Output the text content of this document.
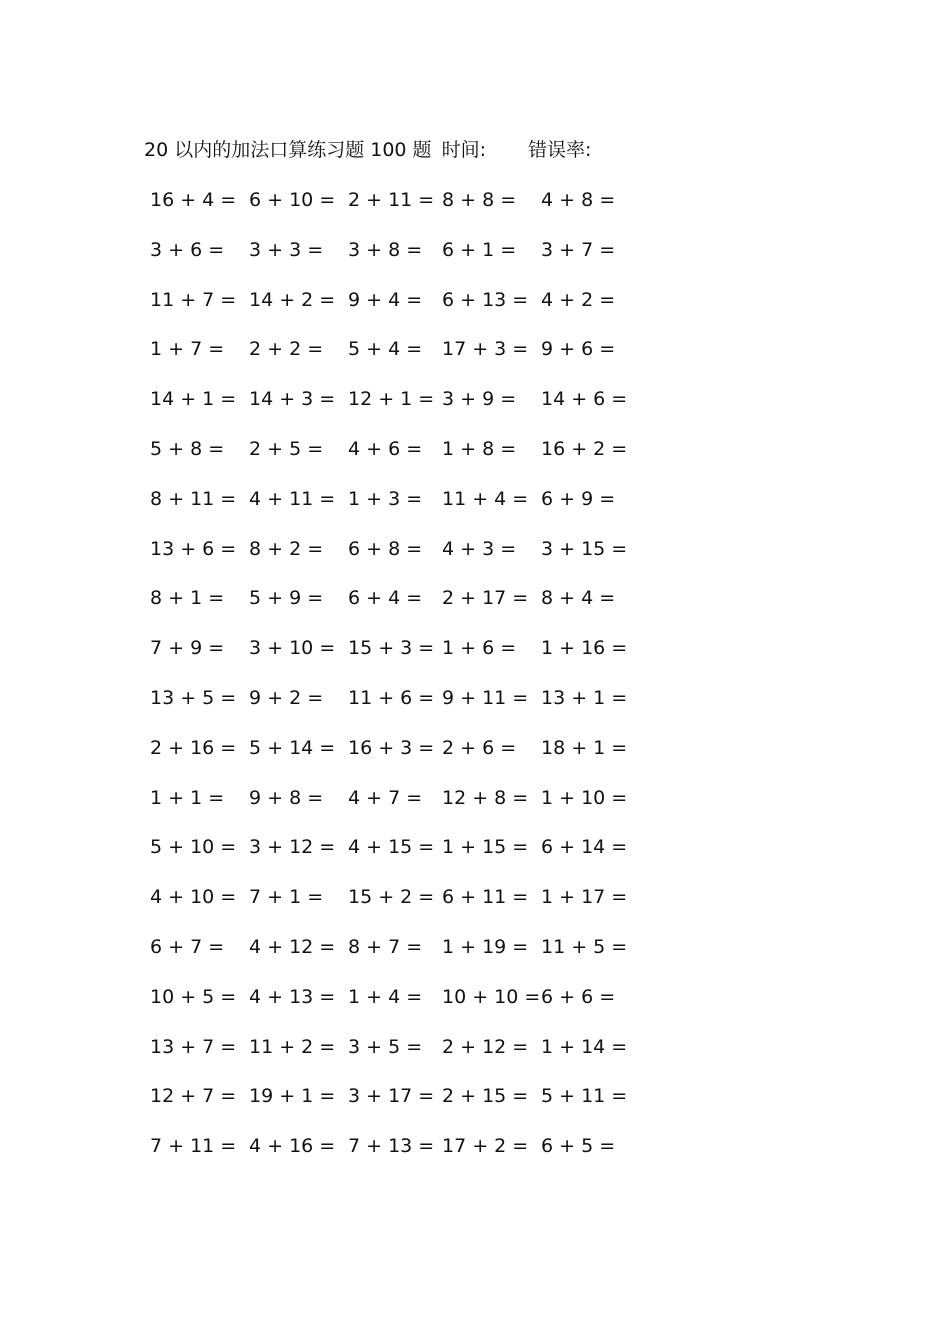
20 以内的加法口算练习题 100 题 时间: 错误率:
16 + 4 = 6 + 10 = 2 + 11 = 8 + 8 = 4 + 8 =
3 + 6 = 3 + 3 = 3 + 8 = 6 + 1 = 3 + 7 =
11 + 7 = 14 + 2 = 9 + 4 = 6 + 13 = 4 + 2 =
1 + 7 = 2 + 2 = 5 + 4 = 17 + 3 = 9 + 6 =
14 + 1 = 14 + 3 = 12 + 1 = 3 + 9 = 14 + 6 =
5 + 8 = 2 + 5 = 4 + 6 = 1 + 8 = 16 + 2 =
8 + 11 = 4 + 11 = 1 + 3 = 11 + 4 = 6 + 9 =
13 + 6 = 8 + 2 = 6 + 8 = 4 + 3 = 3 + 15 =
8 + 1 = 5 + 9 = 6 + 4 = 2 + 17 = 8 + 4 =
7 + 9 = 3 + 10 = 15 + 3 = 1 + 6 = 1 + 16 =
13 + 5 = 9 + 2 = 11 + 6 = 9 + 11 = 13 + 1 =
2 + 16 = 5 + 14 = 16 + 3 = 2 + 6 = 18 + 1 =
1 + 1 = 9 + 8 = 4 + 7 = 12 + 8 = 1 + 10 =
5 + 10 = 3 + 12 = 4 + 15 = 1 + 15 = 6 + 14 =
4 + 10 = 7 + 1 = 15 + 2 = 6 + 11 = 1 + 17 =
6 + 7 = 4 + 12 = 8 + 7 = 1 + 19 = 11 + 5 =
10 + 5 = 4 + 13 = 1 + 4 = 10 + 10 = 6 + 6 =
13 + 7 = 11 + 2 = 3 + 5 = 2 + 12 = 1 + 14 =
12 + 7 = 19 + 1 = 3 + 17 = 2 + 15 = 5 + 11 =
7 + 11 = 4 + 16 = 7 + 13 = 17 + 2 = 6 + 5 =
